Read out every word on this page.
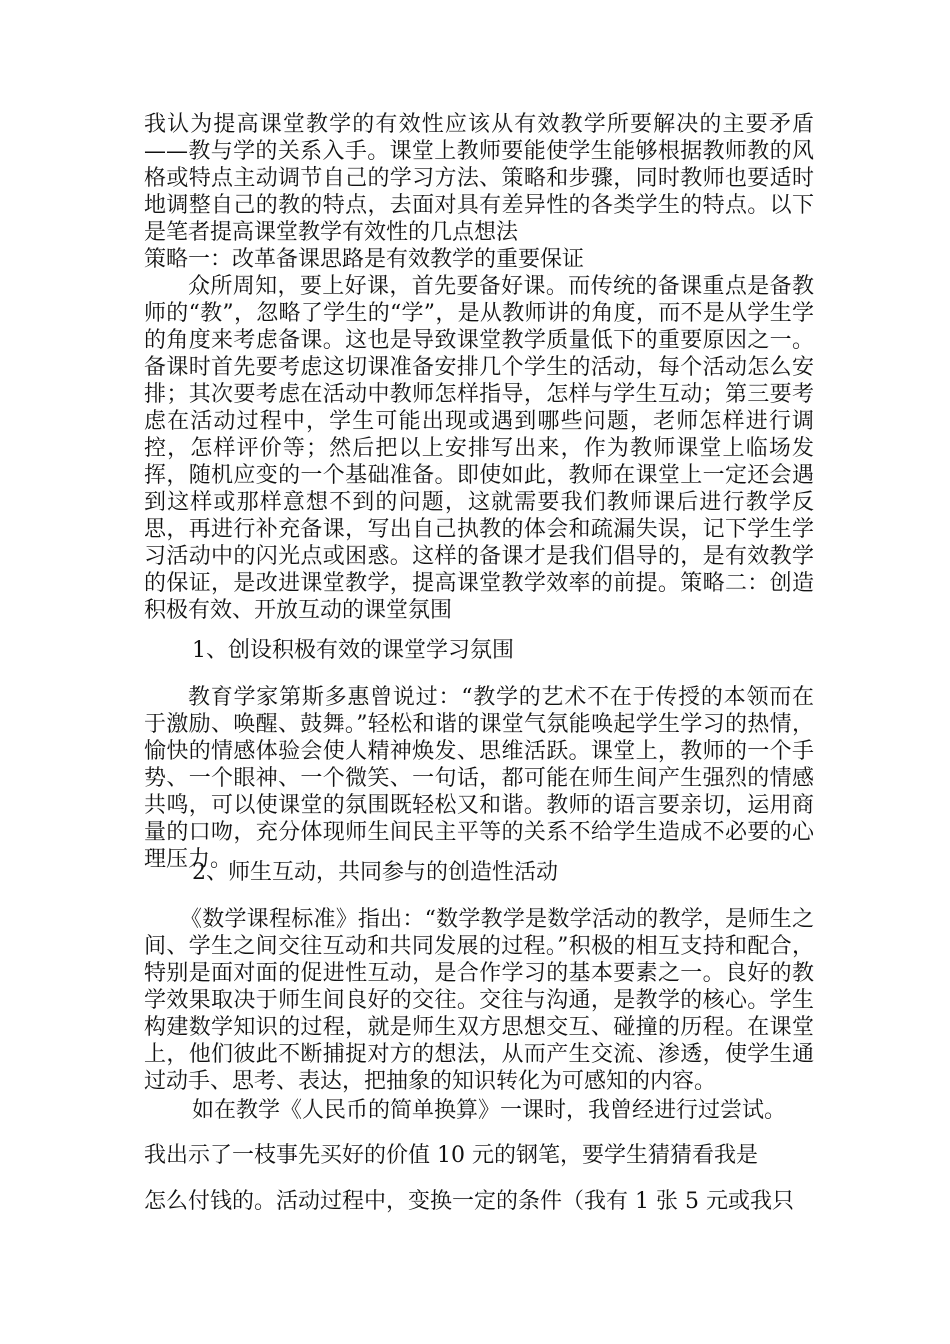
我认为提高课堂教学的有效性应该从有效教学所要解决的主要矛盾——教与学的关系入手。课堂上教师要能使学生能够根据教师教的风格或特点主动调节自己的学习方法、策略和步骤，同时教师也要适时地调整自己的教的特点，去面对具有差异性的各类学生的特点。以下是笔者提高课堂教学有效性的几点想法

策略一：改革备课思路是有效教学的重要保证

众所周知，要上好课，首先要备好课。而传统的备课重点是备教师的“教”，忽略了学生的“学”，是从教师讲的角度，而不是从学生学的角度来考虑备课。这也是导致课堂教学质量低下的重要原因之一。备课时首先要考虑这切课准备安排几个学生的活动，每个活动怎么安排；其次要考虑在活动中教师怎样指导，怎样与学生互动；第三要考虑在活动过程中，学生可能出现或遇到哪些问题，老师怎样进行调控，怎样评价等；然后把以上安排写出来，作为教师课堂上临场发挥，随机应变的一个基础准备。即使如此，教师在课堂上一定还会遇到这样或那样意想不到的问题，这就需要我们教师课后进行教学反思，再进行补充备课，写出自己执教的体会和疏漏失误，记下学生学习活动中的闪光点或困惑。这样的备课才是我们倡导的，是有效教学的保证，是改进课堂教学，提高课堂教学效率的前提。策略二：创造积极有效、开放互动的课堂氛围

1、创设积极有效的课堂学习氛围

教育学家第斯多惠曾说过：“教学的艺术不在于传授的本领而在于激励、唤醒、鼓舞。”轻松和谐的课堂气氛能唤起学生学习的热情，愉快的情感体验会使人精神焕发、思维活跃。课堂上，教师的一个手势、一个眼神、一个微笑、一句话，都可能在师生间产生强烈的情感共鸣，可以使课堂的氛围既轻松又和谐。教师的语言要亲切，运用商量的口吻，充分体现师生间民主平等的关系不给学生造成不必要的心理压力。

2、师生互动，共同参与的创造性活动

《数学课程标准》指出：“数学教学是数学活动的教学，是师生之间、学生之间交往互动和共同发展的过程。”积极的相互支持和配合，特别是面对面的促进性互动，是合作学习的基本要素之一。良好的教学效果取决于师生间良好的交往。交往与沟通，是教学的核心。学生构建数学知识的过程，就是师生双方思想交互、碰撞的历程。在课堂上，他们彼此不断捕捉对方的想法，从而产生交流、渗透，使学生通过动手、思考、表达，把抽象的知识转化为可感知的内容。

如在教学《人民币的简单换算》一课时，我曾经进行过尝试。

我出示了一枝事先买好的价值 10 元的钢笔，要学生猜猜看我是

怎么付钱的。活动过程中，变换一定的条件（我有 1 张 5 元或我只
